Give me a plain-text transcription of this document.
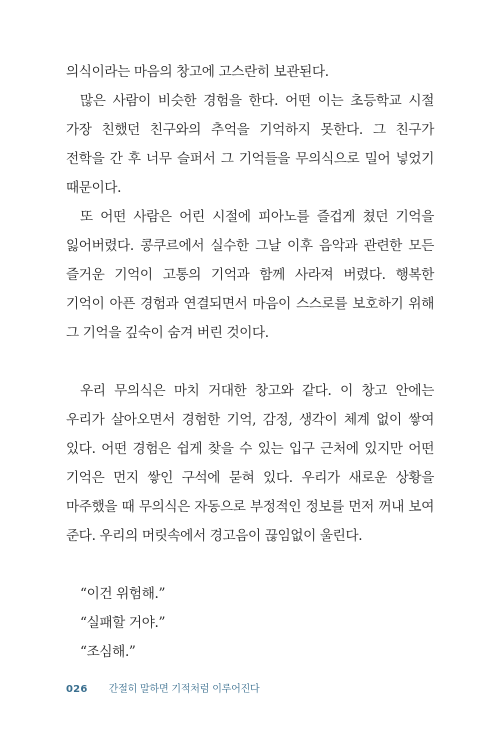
의식이라는 마음의 창고에 고스란히 보관된다.

많은 사람이 비슷한 경험을 한다. 어떤 이는 초등학교 시절 가장 친했던 친구와의 추억을 기억하지 못한다. 그 친구가 전학을 간 후 너무 슬퍼서 그 기억들을 무의식으로 밀어 넣었기 때문이다.

또 어떤 사람은 어린 시절에 피아노를 즐겁게 쳤던 기억을 잃어버렸다. 콩쿠르에서 실수한 그날 이후 음악과 관련한 모든 즐거운 기억이 고통의 기억과 함께 사라져 버렸다. 행복한 기억이 아픈 경험과 연결되면서 마음이 스스로를 보호하기 위해 그 기억을 깊숙이 숨겨 버린 것이다.

우리 무의식은 마치 거대한 창고와 같다. 이 창고 안에는 우리가 살아오면서 경험한 기억, 감정, 생각이 체계 없이 쌓여 있다. 어떤 경험은 쉽게 찾을 수 있는 입구 근처에 있지만 어떤 기억은 먼지 쌓인 구석에 묻혀 있다. 우리가 새로운 상황을 마주했을 때 무의식은 자동으로 부정적인 정보를 먼저 꺼내 보여 준다. 우리의 머릿속에서 경고음이 끊임없이 울린다.

“이건 위험해.”

“실패할 거야.”

“조심해.”

026 간절히 말하면 기적처럼 이루어진다
